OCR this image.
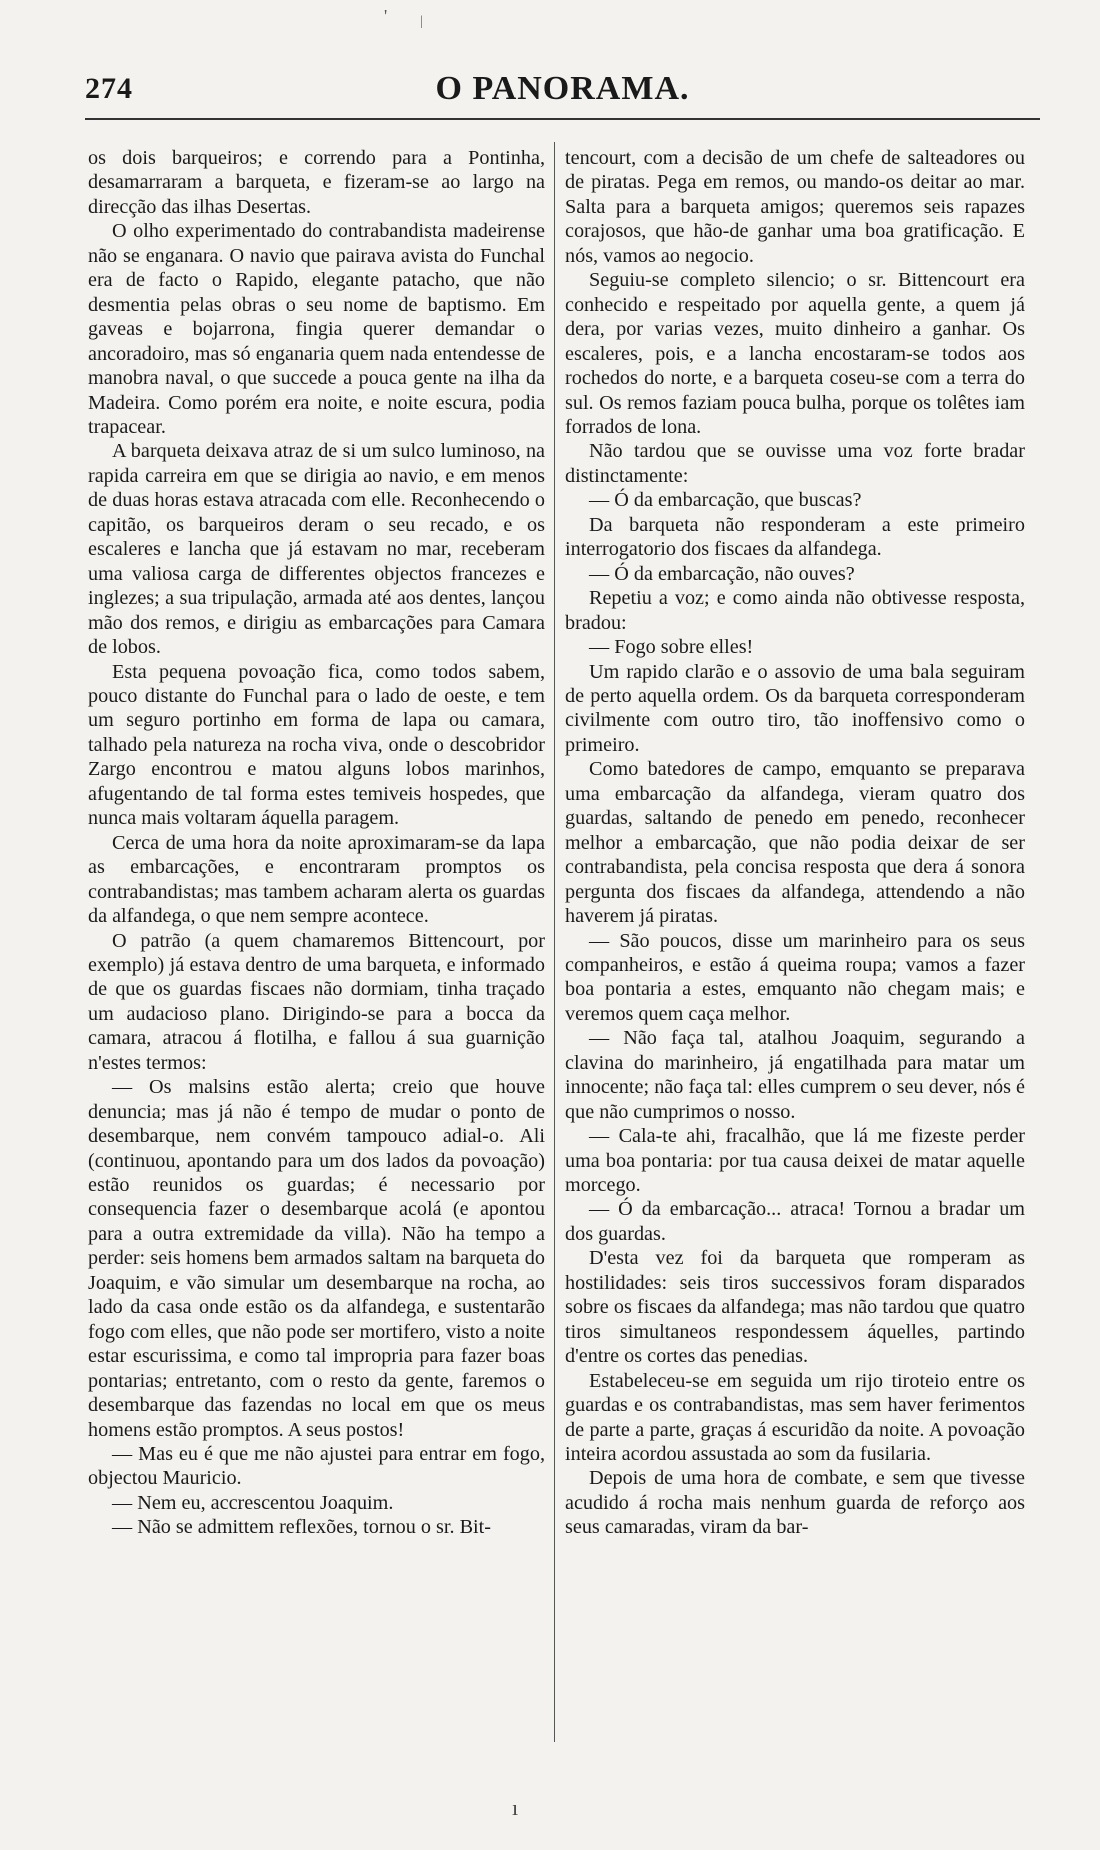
' |
274	O PANORAMA.

os dois barqueiros; e correndo para a Pontinha, desamarraram a barqueta, e fizeram-se ao largo na direcção das ilhas Desertas.

O olho experimentado do contrabandista madeirense não se enganara. O navio que pairava avista do Funchal era de facto o Rapido, elegante patacho, que não desmentia pelas obras o seu nome de baptismo. Em gaveas e bojarrona, fingia querer demandar o ancoradoiro, mas só enganaria quem nada entendesse de manobra naval, o que succede a pouca gente na ilha da Madeira. Como porém era noite, e noite escura, podia trapacear.

A barqueta deixava atraz de si um sulco luminoso, na rapida carreira em que se dirigia ao navio, e em menos de duas horas estava atracada com elle. Reconhecendo o capitão, os barqueiros deram o seu recado, e os escaleres e lancha que já estavam no mar, receberam uma valiosa carga de differentes objectos francezes e inglezes; a sua tripulação, armada até aos dentes, lançou mão dos remos, e dirigiu as embarcações para Camara de lobos.

Esta pequena povoação fica, como todos sabem, pouco distante do Funchal para o lado de oeste, e tem um seguro portinho em forma de lapa ou camara, talhado pela natureza na rocha viva, onde o descobridor Zargo encontrou e matou alguns lobos marinhos, afugentando de tal forma estes temiveis hospedes, que nunca mais voltaram áquella paragem.

Cerca de uma hora da noite aproximaram-se da lapa as embarcações, e encontraram promptos os contrabandistas; mas tambem acharam alerta os guardas da alfandega, o que nem sempre acontece.

O patrão (a quem chamaremos Bittencourt, por exemplo) já estava dentro de uma barqueta, e informado de que os guardas fiscaes não dormiam, tinha traçado um audacioso plano. Dirigindo-se para a bocca da camara, atracou á flotilha, e fallou á sua guarnição n'estes termos:

— Os malsins estão alerta; creio que houve denuncia; mas já não é tempo de mudar o ponto de desembarque, nem convém tampouco adial-o. Ali (continuou, apontando para um dos lados da povoação) estão reunidos os guardas; é necessario por consequencia fazer o desembarque acolá (e apontou para a outra extremidade da villa). Não ha tempo a perder: seis homens bem armados saltam na barqueta do Joaquim, e vão simular um desembarque na rocha, ao lado da casa onde estão os da alfandega, e sustentarão fogo com elles, que não pode ser mortifero, visto a noite estar escurissima, e como tal impropria para fazer boas pontarias; entretanto, com o resto da gente, faremos o desembarque das fazendas no local em que os meus homens estão promptos. A seus postos!

— Mas eu é que me não ajustei para entrar em fogo, objectou Mauricio.

— Nem eu, accrescentou Joaquim.

— Não se admittem reflexões, tornou o sr. Bit-

tencourt, com a decisão de um chefe de salteadores ou de piratas. Pega em remos, ou mando-os deitar ao mar. Salta para a barqueta amigos; queremos seis rapazes corajosos, que hão-de ganhar uma boa gratificação. E nós, vamos ao negocio.

Seguiu-se completo silencio; o sr. Bittencourt era conhecido e respeitado por aquella gente, a quem já dera, por varias vezes, muito dinheiro a ganhar. Os escaleres, pois, e a lancha encostaram-se todos aos rochedos do norte, e a barqueta coseu-se com a terra do sul. Os remos faziam pouca bulha, porque os tolêtes iam forrados de lona.

Não tardou que se ouvisse uma voz forte bradar distinctamente:

— Ó da embarcação, que buscas?

Da barqueta não responderam a este primeiro interrogatorio dos fiscaes da alfandega.

— Ó da embarcação, não ouves?

Repetiu a voz; e como ainda não obtivesse resposta, bradou:

— Fogo sobre elles!

Um rapido clarão e o assovio de uma bala seguiram de perto aquella ordem. Os da barqueta corresponderam civilmente com outro tiro, tão inoffensivo como o primeiro.

Como batedores de campo, emquanto se preparava uma embarcação da alfandega, vieram quatro dos guardas, saltando de penedo em penedo, reconhecer melhor a embarcação, que não podia deixar de ser contrabandista, pela concisa resposta que dera á sonora pergunta dos fiscaes da alfandega, attendendo a não haverem já piratas.

— São poucos, disse um marinheiro para os seus companheiros, e estão á queima roupa; vamos a fazer boa pontaria a estes, emquanto não chegam mais; e veremos quem caça melhor.

— Não faça tal, atalhou Joaquim, segurando a clavina do marinheiro, já engatilhada para matar um innocente; não faça tal: elles cumprem o seu dever, nós é que não cumprimos o nosso.

— Cala-te ahi, fracalhão, que lá me fizeste perder uma boa pontaria: por tua causa deixei de matar aquelle morcego.

— Ó da embarcação... atraca! Tornou a bradar um dos guardas.

D'esta vez foi da barqueta que romperam as hostilidades: seis tiros successivos foram disparados sobre os fiscaes da alfandega; mas não tardou que quatro tiros simultaneos respondessem áquelles, partindo d'entre os cortes das penedias.

Estabeleceu-se em seguida um rijo tiroteio entre os guardas e os contrabandistas, mas sem haver ferimentos de parte a parte, graças á escuridão da noite. A povoação inteira acordou assustada ao som da fusilaria.

Depois de uma hora de combate, e sem que tivesse acudido á rocha mais nenhum guarda de reforço aos seus camaradas, viram da bar-

ı
